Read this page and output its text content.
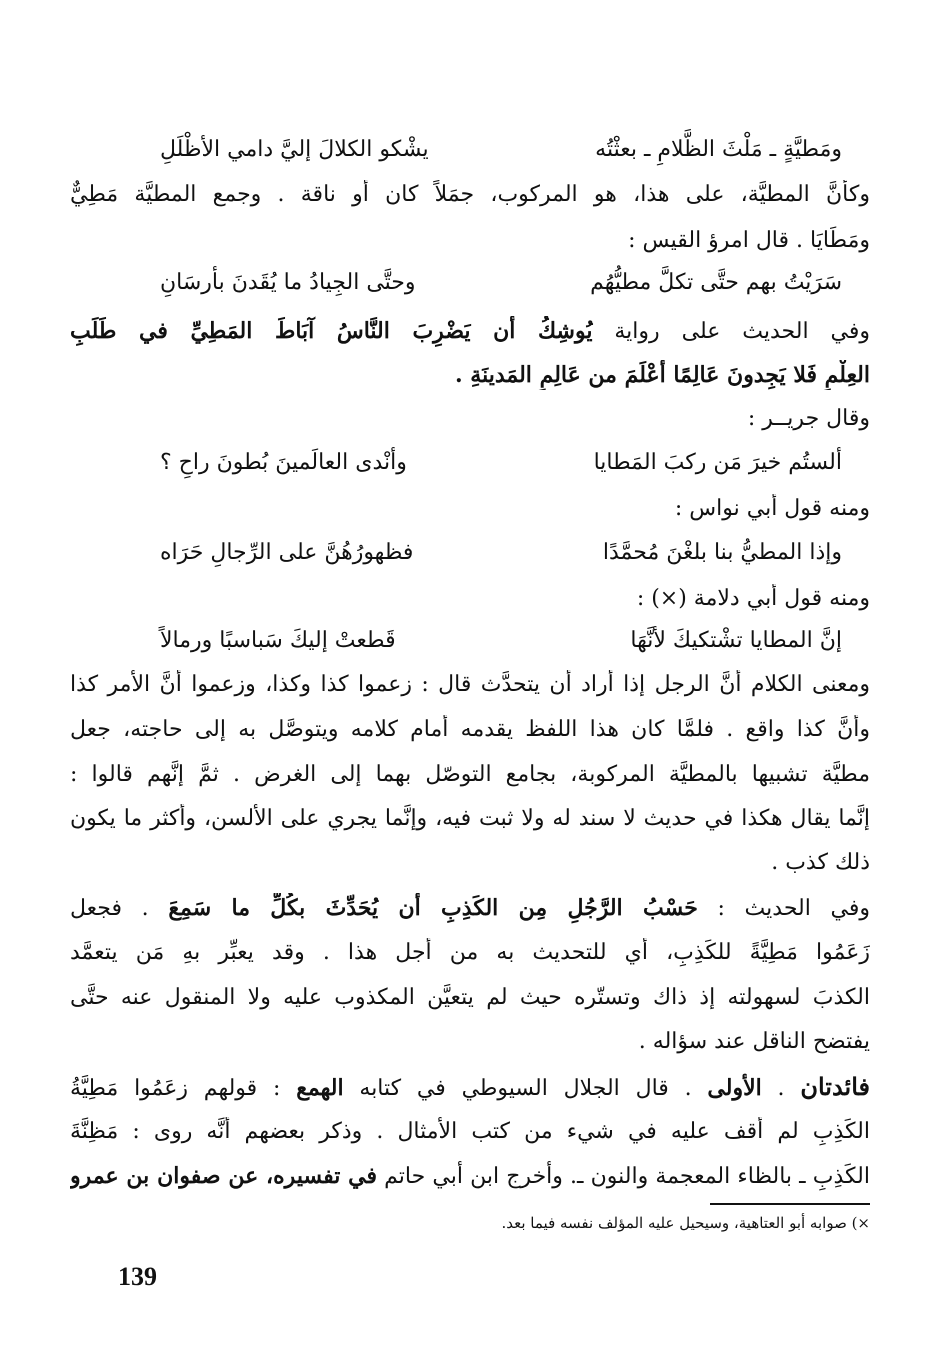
ومَطيَّةٍ ـ مَلْثَ الظَّلامِ ـ بعثْتُه
يشْكو الكلالَ إليَّ دامي الأظْلَلِ
وكأنَّ المطيَّة، على هذا، هو المركوب، جمَلاً كان أو ناقة . وجمع المطيَّة مَطِيٌّ
ومَطَايَا . قال امرؤ القيس :
سَرَيْتُ بهم حتَّى تكلَّ مطيُّهُم
وحتَّى الجِيادُ ما يُقَدنَ بأرسَانِ
وفي الحديث على رواية يُوشِكُ أن يَضْرِبَ النَّاسُ آبَاطَ المَطِيِّ في طَلَبِ
العِلْمِ فَلا يَجِدونَ عَالِمًا أعْلَمَ من عَالِمِ المَدينَةِ .
وقال جريــر :
ألستُم خيرَ مَن ركبَ المَطايا
وأنْدى العالَمينَ بُطونَ راحِ ؟
ومنه قول أبي نواس :
وإذا المطيُّ بنا بلغْنَ مُحمَّدًا
فظهورُهُنَّ على الرِّجالِ حَرَاه
ومنه قول أبي دلامة (×) :
إنَّ المطايا تشْتكيكَ لأنَّهَا
قَطعتْ إليكَ سَباسبًا ورمالاً
ومعنى الكلام أنَّ الرجل إذا أراد أن يتحدَّث قال : زعموا كذا وكذا، وزعموا أنَّ الأمر كذا
وأنَّ كذا واقع . فلمَّا كان هذا اللفظ يقدمه أمام كلامه ويتوصَّل به إلى حاجته، جعل
مطيَّة تشبيها بالمطيَّة المركوبة، بجامع التوصّل بهما إلى الغرض . ثمَّ إنَّهم قالوا :
إنَّما يقال هكذا في حديث لا سند له ولا ثبت فيه، وإنَّما يجري على الألسن، وأكثر ما يكون
ذلك كذب .
وفي الحديث : حَسْبُ الرَّجُلِ مِن الكَذِبِ أن يُحَدِّثَ بكُلِّ ما سَمِعَ . فجعل
زَعَمُوا مَطِيَّةً للكَذِبِ، أي للتحديث به من أجل هذا . وقد يعبِّر بهِ مَن يتعمَّد
الكذبَ لسهولته إذ ذاك وتستّره حيث لم يتعيَّن المكذوب عليه ولا المنقول عنه حتَّى
يفتضح الناقل عند سؤاله .
فائدتان . الأولى . قال الجلال السيوطي في كتابه الهمع : قولهم زعَمُوا مَطِيَّةُ
الكَذِبِ لم أقف عليه في شيء من كتب الأمثال . وذكر بعضهم أنَّه روى : مَظِنَّةَ
الكَذِبِ ـ بالظاء المعجمة والنون ـ. وأخرج ابن أبي حاتم في تفسيره، عن صفوان بن عمرو
×) صوابه أبو العتاهية، وسيحيل عليه المؤلف نفسه فيما بعد.
139
